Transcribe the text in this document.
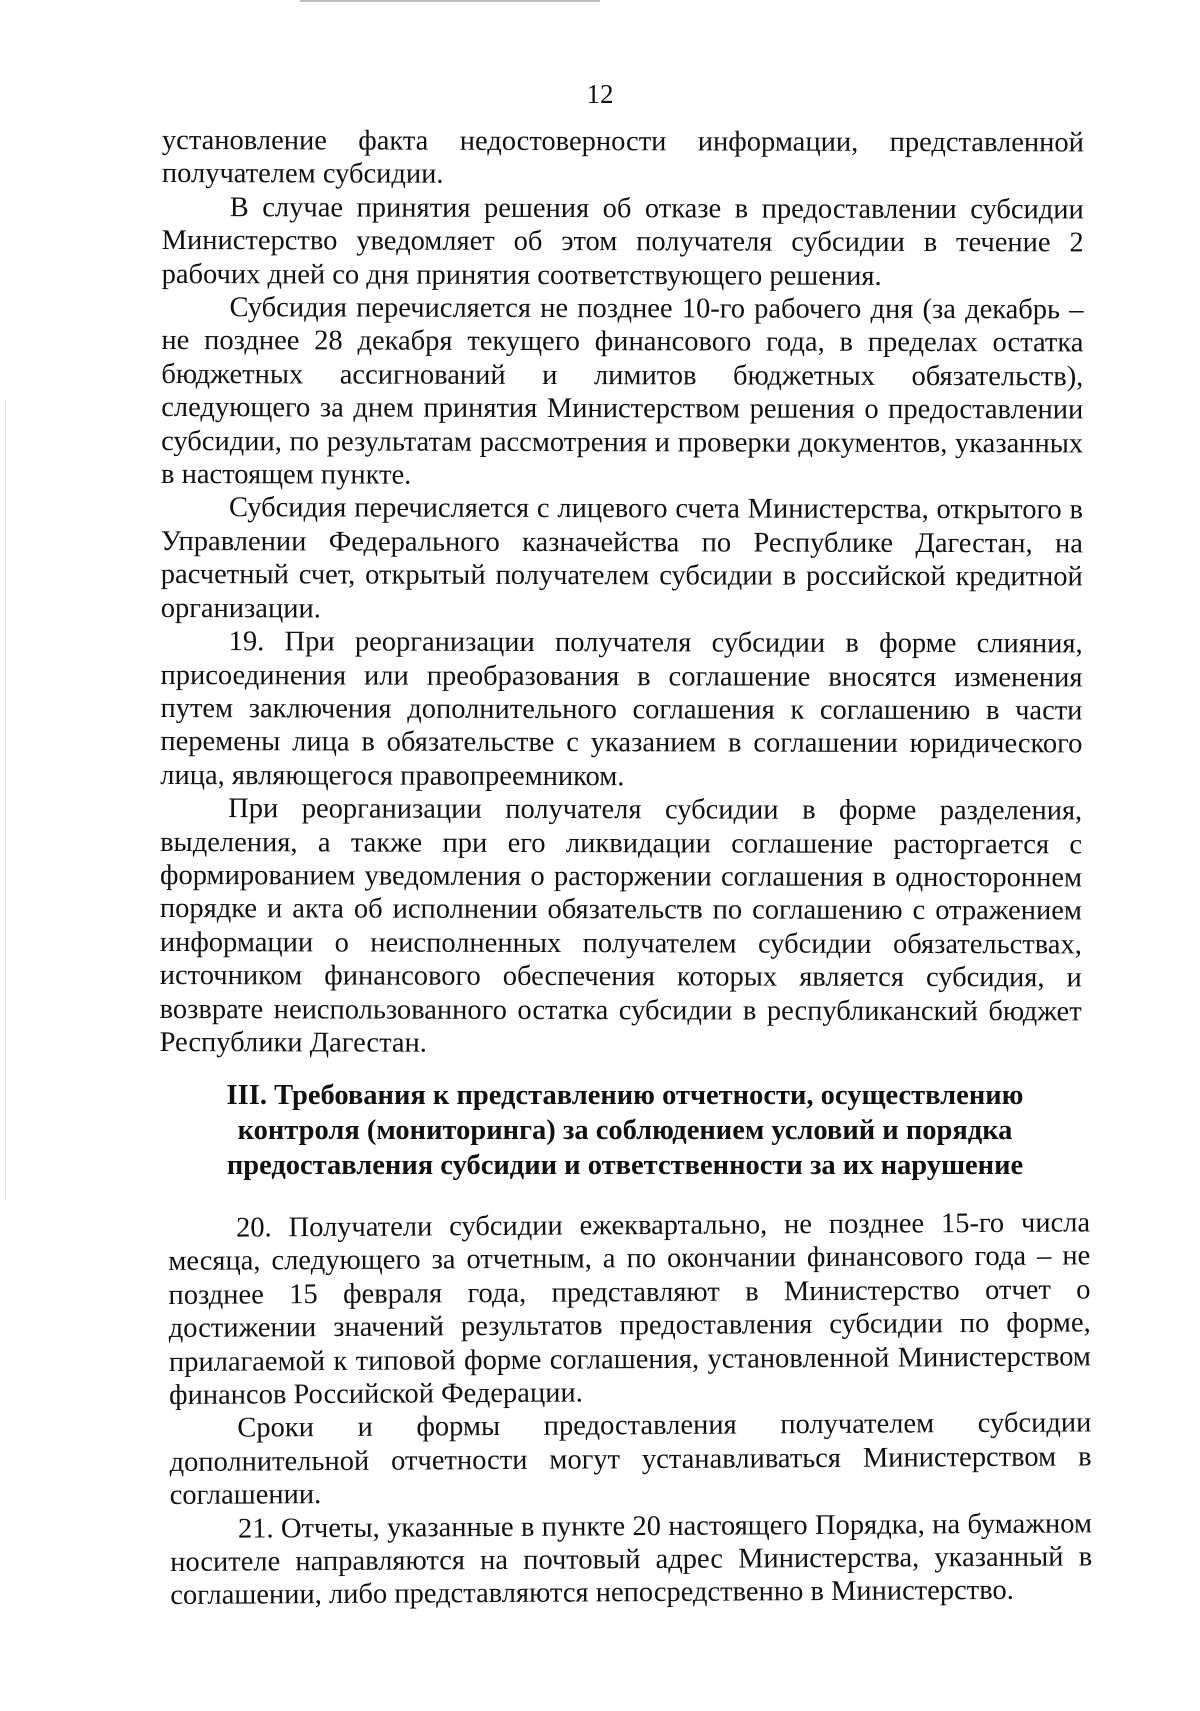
12

установление факта недостоверности информации, представленной получателем субсидии.

В случае принятия решения об отказе в предоставлении субсидии Министерство уведомляет об этом получателя субсидии в течение 2 рабочих дней со дня принятия соответствующего решения.

Субсидия перечисляется не позднее 10-го рабочего дня (за декабрь – не позднее 28 декабря текущего финансового года, в пределах остатка бюджетных ассигнований и лимитов бюджетных обязательств), следующего за днем принятия Министерством решения о предоставлении субсидии, по результатам рассмотрения и проверки документов, указанных в настоящем пункте.

Субсидия перечисляется с лицевого счета Министерства, открытого в Управлении Федерального казначейства по Республике Дагестан, на расчетный счет, открытый получателем субсидии в российской кредитной организации.

19. При реорганизации получателя субсидии в форме слияния, присоединения или преобразования в соглашение вносятся изменения путем заключения дополнительного соглашения к соглашению в части перемены лица в обязательстве с указанием в соглашении юридического лица, являющегося правопреемником.

При реорганизации получателя субсидии в форме разделения, выделения, а также при его ликвидации соглашение расторгается с формированием уведомления о расторжении соглашения в одностороннем порядке и акта об исполнении обязательств по соглашению с отражением информации о неисполненных получателем субсидии обязательствах, источником финансового обеспечения которых является субсидия, и возврате неиспользованного остатка субсидии в республиканский бюджет Республики Дагестан.

III. Требования к представлению отчетности, осуществлению контроля (мониторинга) за соблюдением условий и порядка предоставления субсидии и ответственности за их нарушение

20. Получатели субсидии ежеквартально, не позднее 15-го числа месяца, следующего за отчетным, а по окончании финансового года – не позднее 15 февраля года, представляют в Министерство отчет о достижении значений результатов предоставления субсидии по форме, прилагаемой к типовой форме соглашения, установленной Министерством финансов Российской Федерации.

Сроки и формы предоставления получателем субсидии дополнительной отчетности могут устанавливаться Министерством в соглашении.

21. Отчеты, указанные в пункте 20 настоящего Порядка, на бумажном носителе направляются на почтовый адрес Министерства, указанный в соглашении, либо представляются непосредственно в Министерство.
